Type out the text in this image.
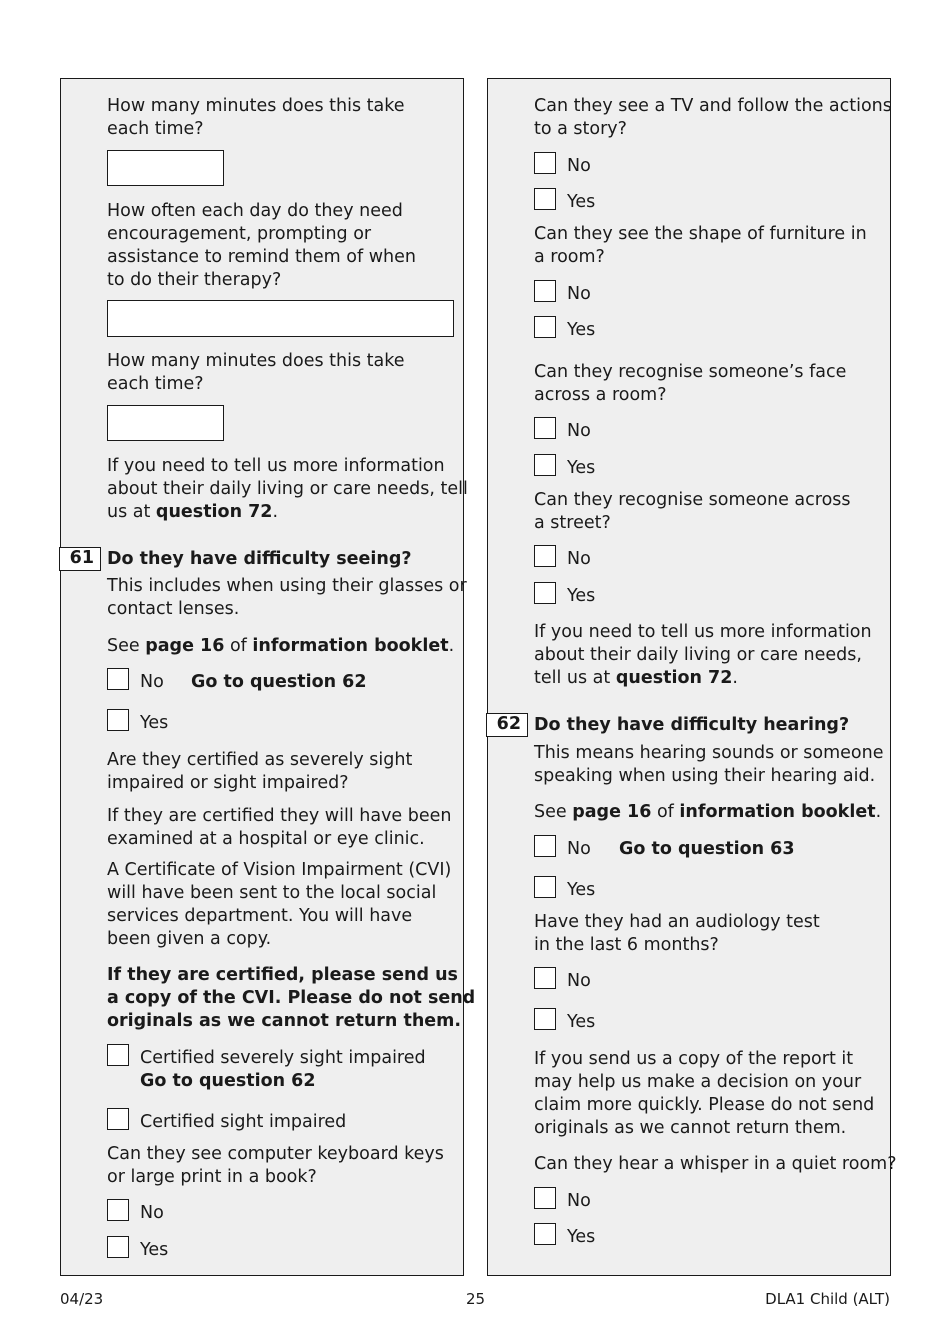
How many minutes does this take
each time?
How often each day do they need
encouragement, prompting or
assistance to remind them of when
to do their therapy?
How many minutes does this take
each time?
If you need to tell us more information
about their daily living or care needs, tell
us at question 72.
61 Do they have difficulty seeing?
This includes when using their glasses or
contact lenses.
See page 16 of information booklet.
No Go to question 62
Yes
Are they certified as severely sight
impaired or sight impaired?
If they are certified they will have been
examined at a hospital or eye clinic.
A Certificate of Vision Impairment (CVI)
will have been sent to the local social
services department. You will have
been given a copy.
If they are certified, please send us
a copy of the CVI. Please do not send
originals as we cannot return them.
Certified severely sight impaired
Go to question 62
Certified sight impaired
Can they see computer keyboard keys
or large print in a book?
No
Yes
Can they see a TV and follow the actions
to a story?
No
Yes
Can they see the shape of furniture in
a room?
No
Yes
Can they recognise someone’s face
across a room?
No
Yes
Can they recognise someone across
a street?
No
Yes
If you need to tell us more information
about their daily living or care needs,
tell us at question 72.
62 Do they have difficulty hearing?
This means hearing sounds or someone
speaking when using their hearing aid.
See page 16 of information booklet.
No Go to question 63
Yes
Have they had an audiology test
in the last 6 months?
No
Yes
If you send us a copy of the report it
may help us make a decision on your
claim more quickly. Please do not send
originals as we cannot return them.
Can they hear a whisper in a quiet room?
No
Yes
04/23	25	DLA1 Child (ALT)
